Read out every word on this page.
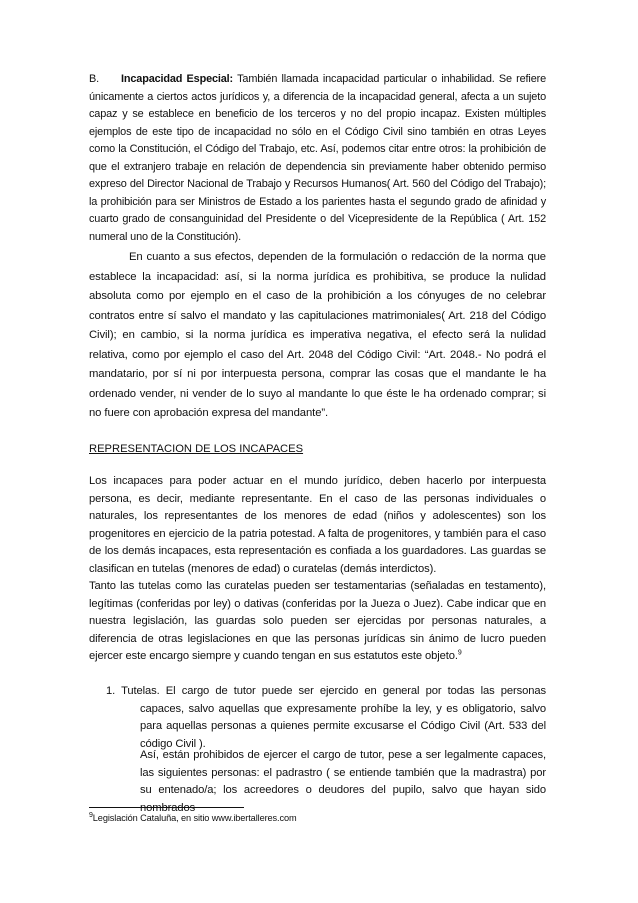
B. Incapacidad Especial: También llamada incapacidad particular o inhabilidad. Se refiere únicamente a ciertos actos jurídicos y, a diferencia de la incapacidad general, afecta a un sujeto capaz y se establece en beneficio de los terceros y no del propio incapaz. Existen múltiples ejemplos de este tipo de incapacidad no sólo en el Código Civil sino también en otras Leyes como la Constitución, el Código del Trabajo, etc. Así, podemos citar entre otros: la prohibición de que el extranjero trabaje en relación de dependencia sin previamente haber obtenido permiso expreso del Director Nacional de Trabajo y Recursos Humanos( Art. 560 del Código del Trabajo); la prohibición para ser Ministros de Estado a los parientes hasta el segundo grado de afinidad y cuarto grado de consanguinidad del Presidente o del Vicepresidente de la República ( Art. 152 numeral uno de la Constitución).

En cuanto a sus efectos, dependen de la formulación o redacción de la norma que establece la incapacidad: así, si la norma jurídica es prohibitiva, se produce la nulidad absoluta como por ejemplo en el caso de la prohibición a los cónyuges de no celebrar contratos entre sí salvo el mandato y las capitulaciones matrimoniales( Art. 218 del Código Civil); en cambio, si la norma jurídica es imperativa negativa, el efecto será la nulidad relativa, como por ejemplo el caso del Art. 2048 del Código Civil: “Art. 2048.- No podrá el mandatario, por sí ni por interpuesta persona, comprar las cosas que el mandante le ha ordenado vender, ni vender de lo suyo al mandante lo que éste le ha ordenado comprar; si no fuere con aprobación expresa del mandante”.

REPRESENTACION DE LOS INCAPACES

Los incapaces para poder actuar en el mundo jurídico, deben hacerlo por interpuesta persona, es decir, mediante representante. En el caso de las personas individuales o naturales, los representantes de los menores de edad (niños y adolescentes) son los progenitores en ejercicio de la patria potestad. A falta de progenitores, y también para el caso de los demás incapaces, esta representación es confiada a los guardadores. Las guardas se clasifican en tutelas (menores de edad) o curatelas (demás interdictos).

Tanto las tutelas como las curatelas pueden ser testamentarias (señaladas en testamento), legítimas (conferidas por ley) o dativas (conferidas por la Jueza o Juez). Cabe indicar que en nuestra legislación, las guardas solo pueden ser ejercidas por personas naturales, a diferencia de otras legislaciones en que las personas jurídicas sin ánimo de lucro pueden ejercer este encargo siempre y cuando tengan en sus estatutos este objeto.$^9$

1. Tutelas. El cargo de tutor puede ser ejercido en general por todas las personas capaces, salvo aquellas que expresamente prohíbe la ley, y es obligatorio, salvo para aquellas personas a quienes permite excusarse el Código Civil (Art. 533 del código Civil ).

Así, están prohibidos de ejercer el cargo de tutor, pese a ser legalmente capaces, las siguientes personas: el padrastro ( se entiende también que la madrastra) por su entenado/a; los acreedores o deudores del pupilo, salvo que hayan sido nombrados

$^9$Legislación Cataluña, en sitio www.ibertalleres.com
